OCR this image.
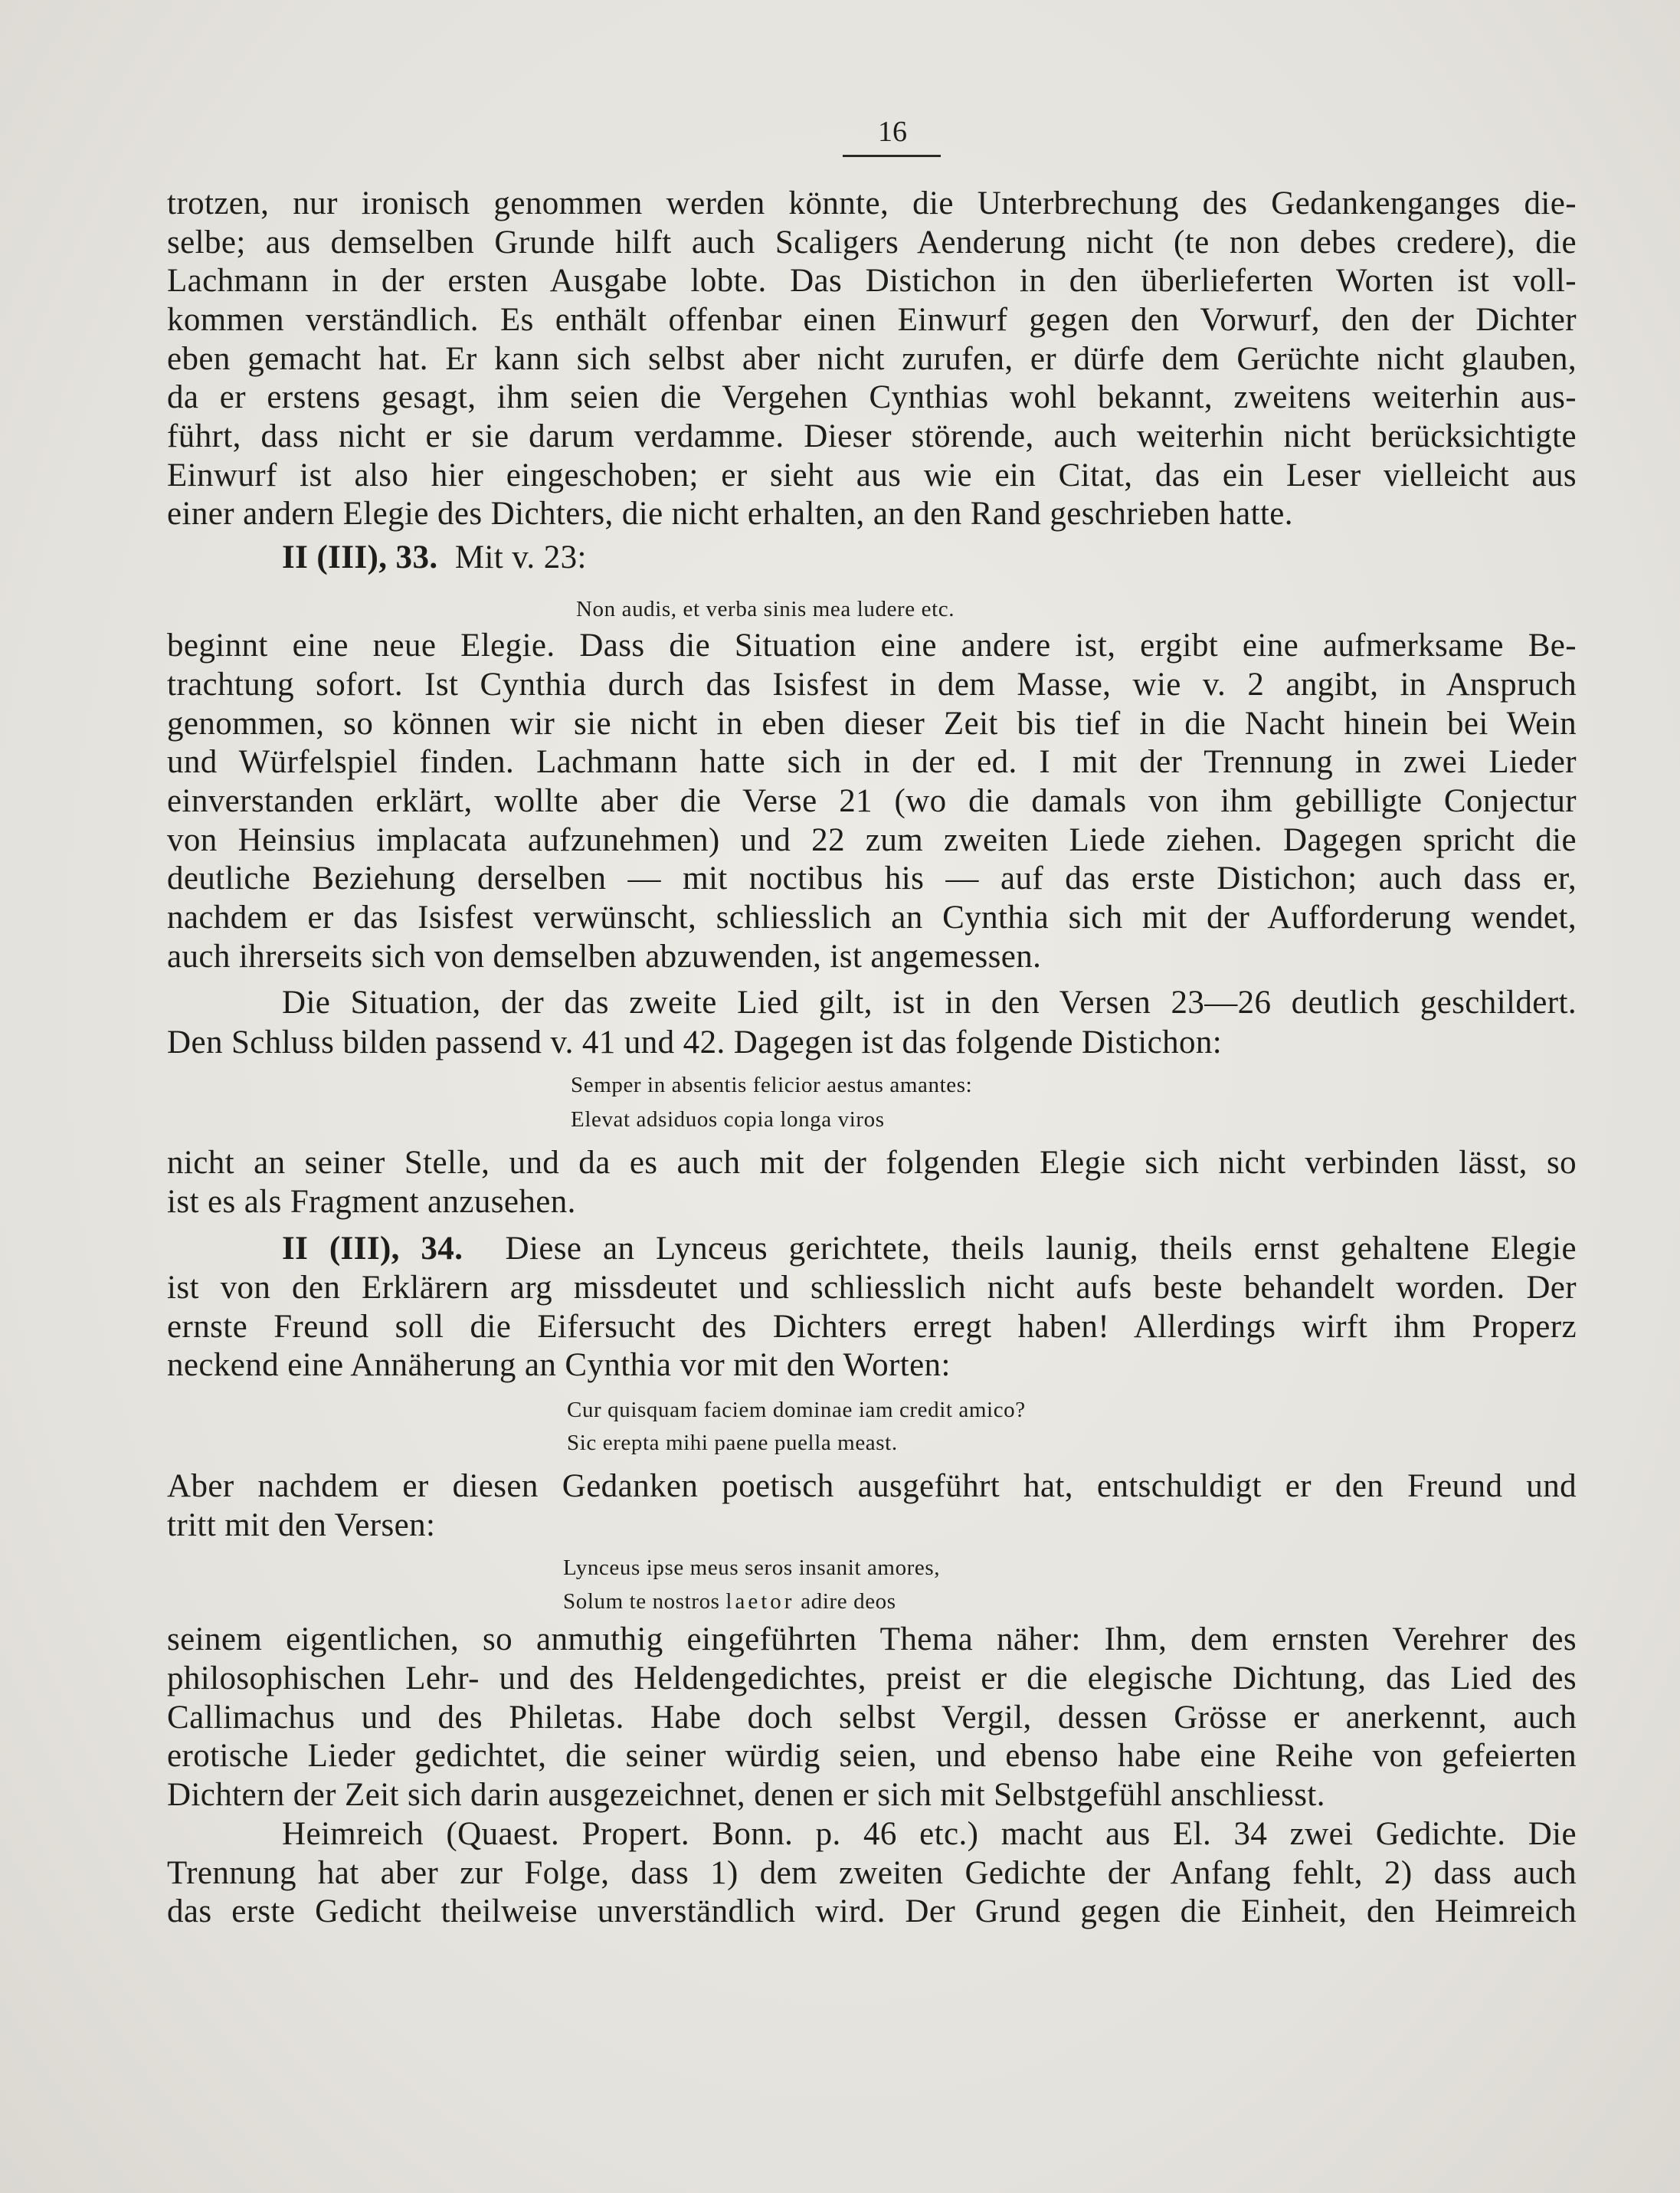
16
trotzen, nur ironisch genommen werden könnte, die Unterbrechung des Gedankenganges die-
selbe; aus demselben Grunde hilft auch Scaligers Aenderung nicht (te non debes credere), die
Lachmann in der ersten Ausgabe lobte. Das Distichon in den überlieferten Worten ist voll-
kommen verständlich. Es enthält offenbar einen Einwurf gegen den Vorwurf, den der Dichter
eben gemacht hat. Er kann sich selbst aber nicht zurufen, er dürfe dem Gerüchte nicht glauben,
da er erstens gesagt, ihm seien die Vergehen Cynthias wohl bekannt, zweitens weiterhin aus-
führt, dass nicht er sie darum verdamme. Dieser störende, auch weiterhin nicht berücksichtigte
Einwurf ist also hier eingeschoben; er sieht aus wie ein Citat, das ein Leser vielleicht aus
einer andern Elegie des Dichters, die nicht erhalten, an den Rand geschrieben hatte.
II (III), 33. Mit v. 23:
Non audis, et verba sinis mea ludere etc.
beginnt eine neue Elegie. Dass die Situation eine andere ist, ergibt eine aufmerksame Be-
trachtung sofort. Ist Cynthia durch das Isisfest in dem Masse, wie v. 2 angibt, in Anspruch
genommen, so können wir sie nicht in eben dieser Zeit bis tief in die Nacht hinein bei Wein
und Würfelspiel finden. Lachmann hatte sich in der ed. I mit der Trennung in zwei Lieder
einverstanden erklärt, wollte aber die Verse 21 (wo die damals von ihm gebilligte Conjectur
von Heinsius implacata aufzunehmen) und 22 zum zweiten Liede ziehen. Dagegen spricht die
deutliche Beziehung derselben — mit noctibus his — auf das erste Distichon; auch dass er,
nachdem er das Isisfest verwünscht, schliesslich an Cynthia sich mit der Aufforderung wendet,
auch ihrerseits sich von demselben abzuwenden, ist angemessen.
Die Situation, der das zweite Lied gilt, ist in den Versen 23—26 deutlich geschildert.
Den Schluss bilden passend v. 41 und 42. Dagegen ist das folgende Distichon:
Semper in absentis felicior aestus amantes:
Elevat adsiduos copia longa viros
nicht an seiner Stelle, und da es auch mit der folgenden Elegie sich nicht verbinden lässt, so
ist es als Fragment anzusehen.
II (III), 34. Diese an Lynceus gerichtete, theils launig, theils ernst gehaltene Elegie
ist von den Erklärern arg missdeutet und schliesslich nicht aufs beste behandelt worden. Der
ernste Freund soll die Eifersucht des Dichters erregt haben! Allerdings wirft ihm Properz
neckend eine Annäherung an Cynthia vor mit den Worten:
Cur quisquam faciem dominae iam credit amico?
Sic erepta mihi paene puella meast.
Aber nachdem er diesen Gedanken poetisch ausgeführt hat, entschuldigt er den Freund und
tritt mit den Versen:
Lynceus ipse meus seros insanit amores,
Solum te nostros laetor adire deos
seinem eigentlichen, so anmuthig eingeführten Thema näher: Ihm, dem ernsten Verehrer des
philosophischen Lehr- und des Heldengedichtes, preist er die elegische Dichtung, das Lied des
Callimachus und des Philetas. Habe doch selbst Vergil, dessen Grösse er anerkennt, auch
erotische Lieder gedichtet, die seiner würdig seien, und ebenso habe eine Reihe von gefeierten
Dichtern der Zeit sich darin ausgezeichnet, denen er sich mit Selbstgefühl anschliesst.
Heimreich (Quaest. Propert. Bonn. p. 46 etc.) macht aus El. 34 zwei Gedichte. Die
Trennung hat aber zur Folge, dass 1) dem zweiten Gedichte der Anfang fehlt, 2) dass auch
das erste Gedicht theilweise unverständlich wird. Der Grund gegen die Einheit, den Heimreich
